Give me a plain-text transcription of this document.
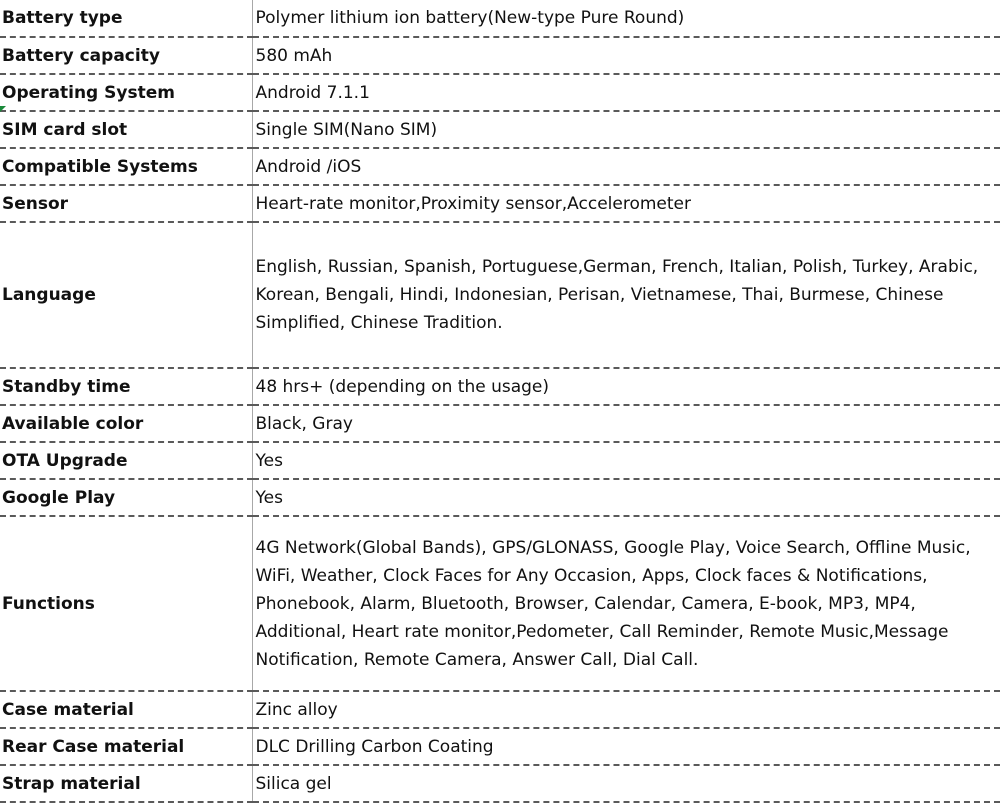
Battery type	Polymer lithium ion battery(New-type Pure Round)
Battery capacity	580 mAh
Operating System	Android 7.1.1
SIM card slot	Single SIM(Nano SIM)
Compatible Systems	Android /iOS
Sensor	Heart-rate monitor,Proximity sensor,Accelerometer
Language	English, Russian, Spanish, Portuguese,German, French, Italian, Polish, Turkey, Arabic, Korean, Bengali, Hindi, Indonesian, Perisan, Vietnamese, Thai, Burmese, Chinese Simplified, Chinese Tradition.
Standby time	48 hrs+ (depending on the usage)
Available color	Black, Gray
OTA Upgrade	Yes
Google Play	Yes
Functions	4G Network(Global Bands), GPS/GLONASS, Google Play, Voice Search, Offline Music, WiFi, Weather, Clock Faces for Any Occasion, Apps, Clock faces & Notifications, Phonebook, Alarm, Bluetooth, Browser, Calendar, Camera, E-book, MP3, MP4, Additional, Heart rate monitor,Pedometer, Call Reminder, Remote Music,Message Notification, Remote Camera, Answer Call, Dial Call.
Case material	Zinc alloy
Rear Case material	DLC Drilling Carbon Coating
Strap material	Silica gel
